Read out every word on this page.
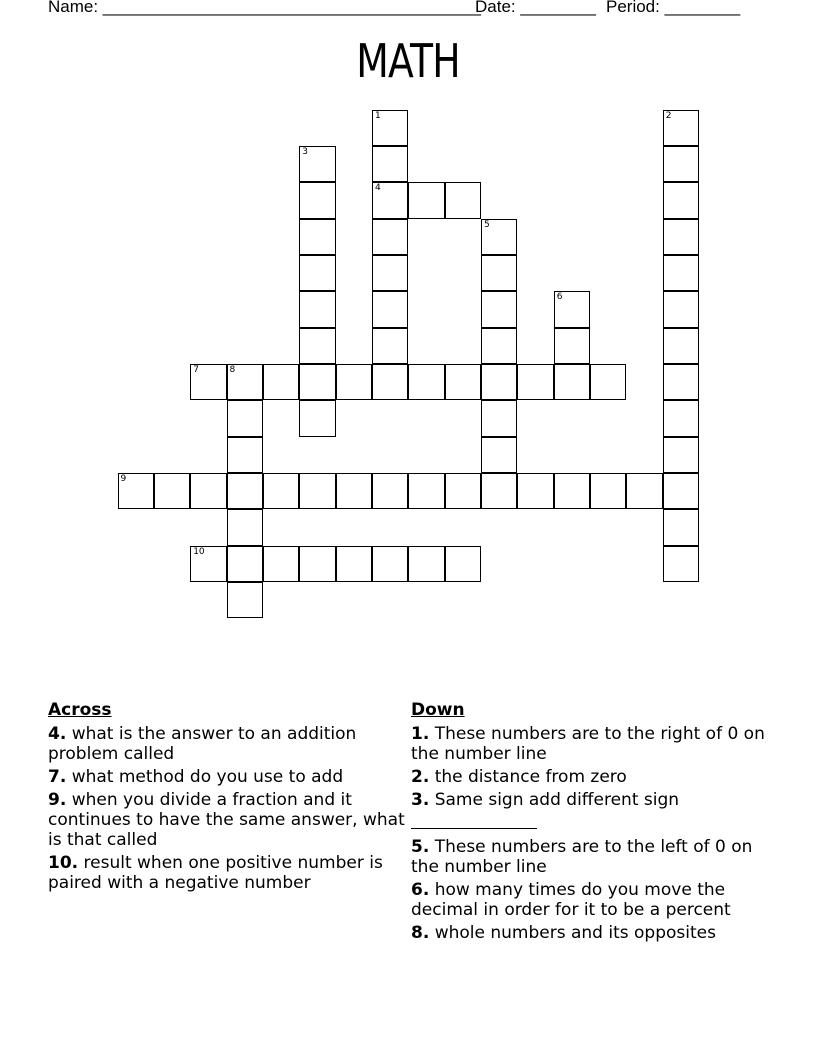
Name: ________________________________________
Date: ________ Period: ________
MATH
1
4
2
3
5
6
7	8
9
10
Across
4. what is the answer to an addition problem called
7. what method do you use to add
9. when you divide a fraction and it continues to have the same answer, what is that called
10. result when one positive number is paired with a negative number
Down
1. These numbers are to the right of 0 on the number line
2. the distance from zero
3. Same sign add different sign

5. These numbers are to the left of 0 on the number line
6. how many times do you move the decimal in order for it to be a percent
8. whole numbers and its opposites
